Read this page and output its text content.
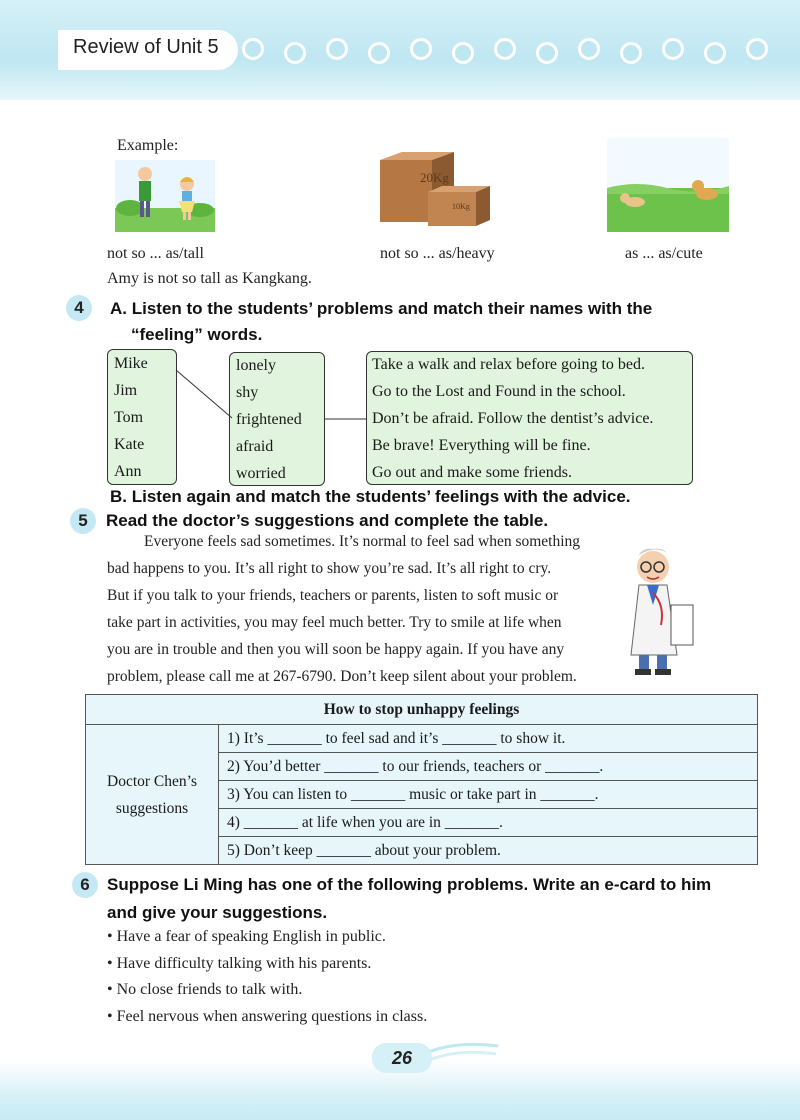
Review of Unit 5
Example:
20Kg
10Kg
not so ... as/tall	not so ... as/heavy	as ... as/cute
Amy is not so tall as Kangkang.
4	A. Listen to the students’ problems and match their names with the
“feeling” words.
Mike
Jim
Tom
Kate
Ann
lonely
shy
frightened
afraid
worried
Take a walk and relax before going to bed.
Go to the Lost and Found in the school.
Don’t be afraid. Follow the dentist’s advice.
Be brave! Everything will be fine.
Go out and make some friends.
B. Listen again and match the students’ feelings with the advice.
5	Read the doctor’s suggestions and complete the table.
Everyone feels sad sometimes. It’s normal to feel sad when something
bad happens to you. It’s all right to show you’re sad. It’s all right to cry.
But if you talk to your friends, teachers or parents, listen to soft music or
take part in activities, you may feel much better. Try to smile at life when
you are in trouble and then you will soon be happy again. If you have any
problem, please call me at 267-6790. Don’t keep silent about your problem.
How to stop unhappy feelings
Doctor Chen’s
suggestions	1) It’s _______ to feel sad and it’s _______ to show it.
2) You’d better _______ to our friends, teachers or _______.
3) You can listen to _______ music or take part in _______.
4) _______ at life when you are in _______.
5) Don’t keep _______ about your problem.
6	Suppose Li Ming has one of the following problems. Write an e-card to him
and give your suggestions.
• Have a fear of speaking English in public.
• Have difficulty talking with his parents.
• No close friends to talk with.
• Feel nervous when answering questions in class.
26
